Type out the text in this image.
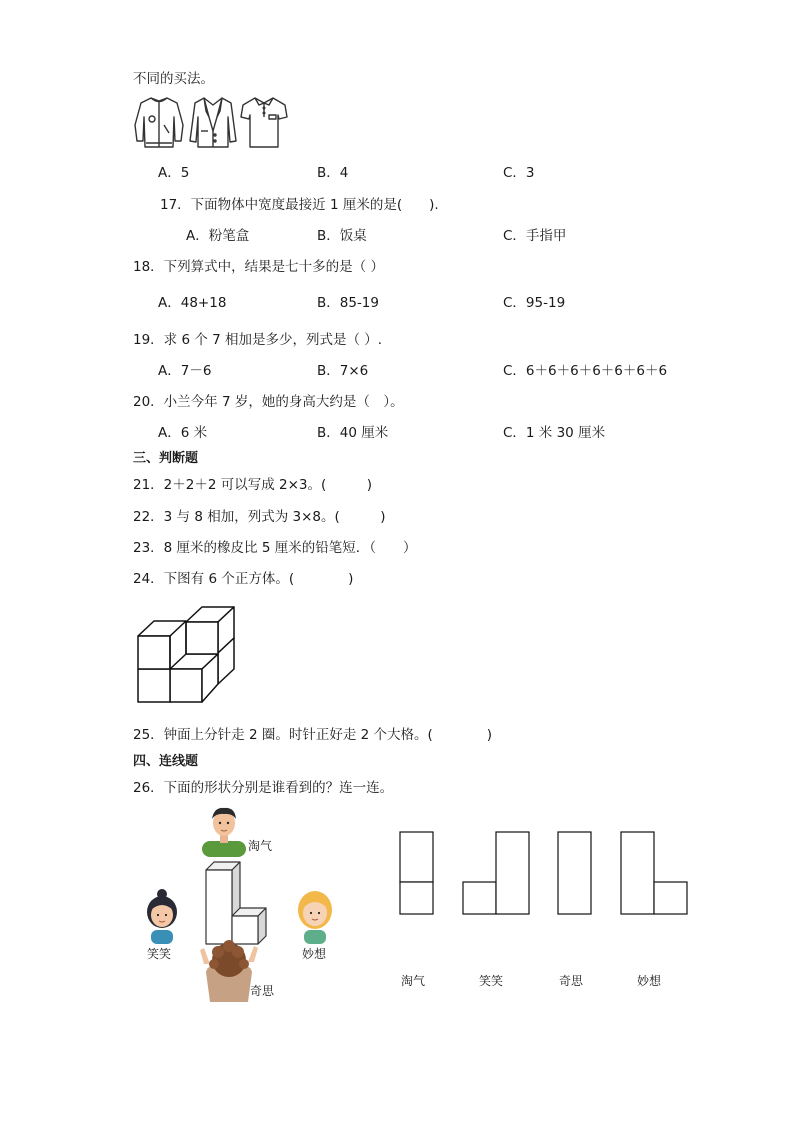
不同的买法。
A．5	B．4	C．3
17．下面物体中宽度最接近 1 厘米的是(　　).
A．粉笔盒	B．饭桌	C．手指甲
18．下列算式中，结果是七十多的是（ ）
A．48+18	B．85-19	C．95-19
19．求 6 个 7 相加是多少，列式是（ ）.
A．7－6	B．7×6	C．6＋6＋6＋6＋6＋6＋6
20．小兰今年 7 岁，她的身高大约是（　）。
A．6 米	B．40 厘米	C．1 米 30 厘米
三、判断题
21．2＋2＋2 可以写成 2×3。(　　　)
22．3 与 8 相加，列式为 3×8。(　　　)
23．8 厘米的橡皮比 5 厘米的铅笔短．（　　）
24．下图有 6 个正方体。(　　　　)
25．钟面上分针走 2 圈。时针正好走 2 个大格。(　　　　)
四、连线题
26．下面的形状分别是谁看到的？连一连。
淘气
笑笑	妙想
奇思
淘气	笑笑	奇思	妙想
